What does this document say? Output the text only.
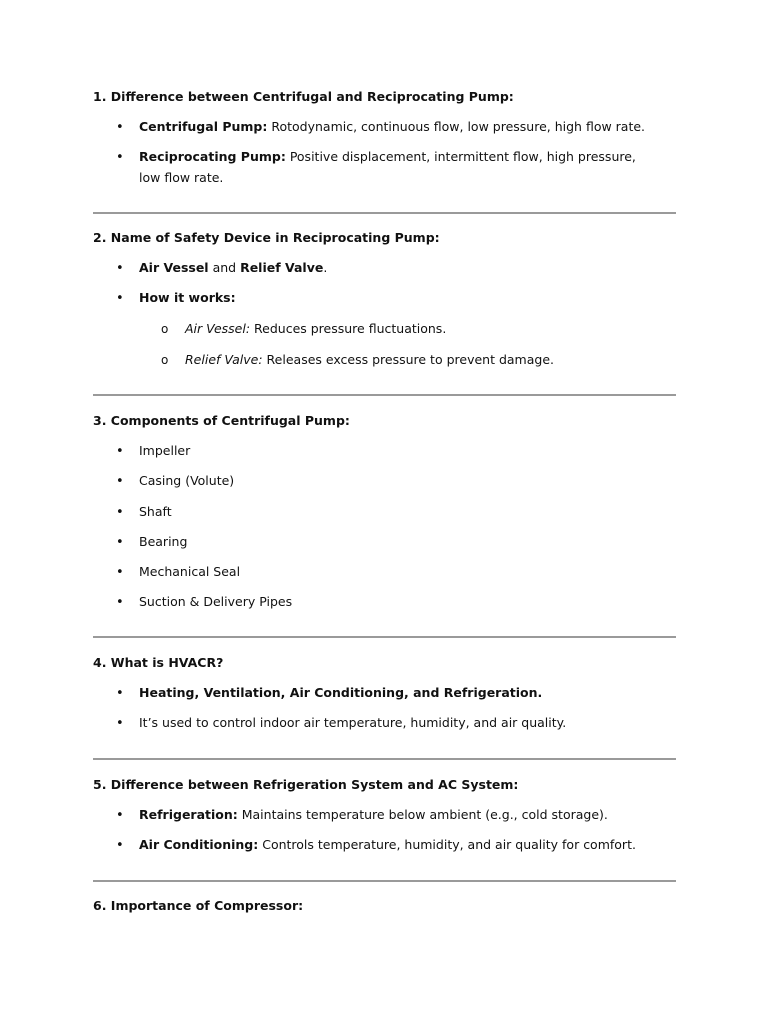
1. Difference between Centrifugal and Reciprocating Pump:
• Centrifugal Pump: Rotodynamic, continuous flow, low pressure, high flow rate.
• Reciprocating Pump: Positive displacement, intermittent flow, high pressure, low flow rate.
2. Name of Safety Device in Reciprocating Pump:
• Air Vessel and Relief Valve.
• How it works:
o Air Vessel: Reduces pressure fluctuations.
o Relief Valve: Releases excess pressure to prevent damage.
3. Components of Centrifugal Pump:
• Impeller
• Casing (Volute)
• Shaft
• Bearing
• Mechanical Seal
• Suction & Delivery Pipes
4. What is HVACR?
• Heating, Ventilation, Air Conditioning, and Refrigeration.
• It’s used to control indoor air temperature, humidity, and air quality.
5. Difference between Refrigeration System and AC System:
• Refrigeration: Maintains temperature below ambient (e.g., cold storage).
• Air Conditioning: Controls temperature, humidity, and air quality for comfort.
6. Importance of Compressor:
